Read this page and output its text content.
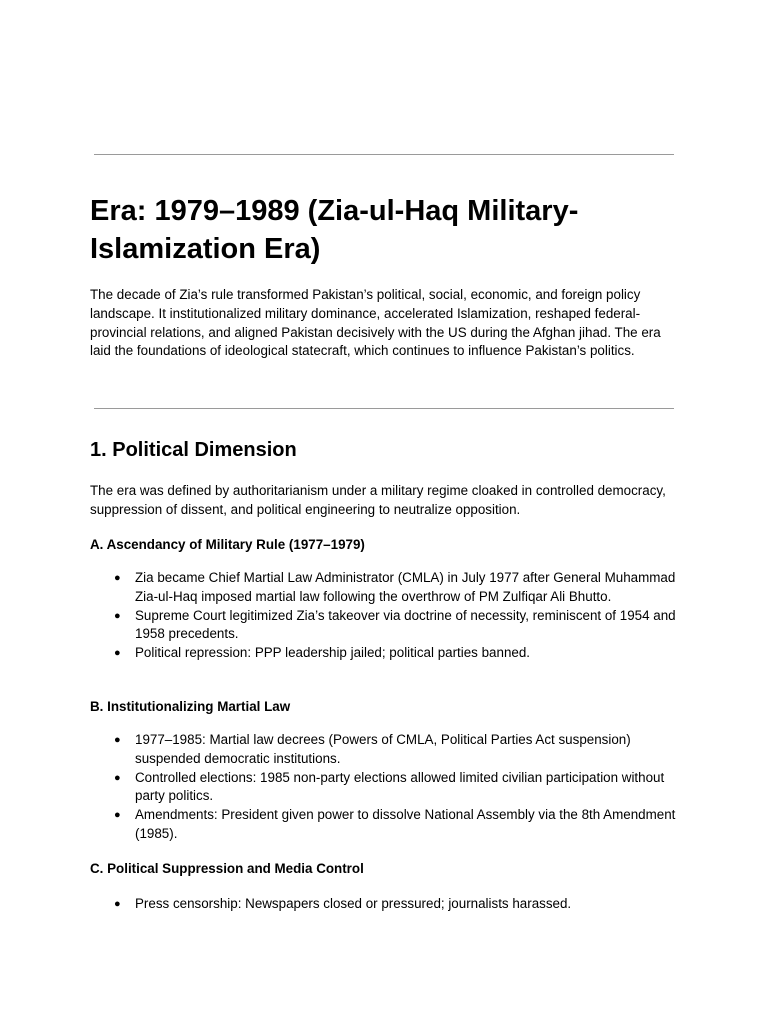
Era: 1979–1989 (Zia-ul-Haq Military-Islamization Era)

The decade of Zia’s rule transformed Pakistan’s political, social, economic, and foreign policy landscape. It institutionalized military dominance, accelerated Islamization, reshaped federal-provincial relations, and aligned Pakistan decisively with the US during the Afghan jihad. The era laid the foundations of ideological statecraft, which continues to influence Pakistan’s politics.

1. Political Dimension

The era was defined by authoritarianism under a military regime cloaked in controlled democracy, suppression of dissent, and political engineering to neutralize opposition.

A. Ascendancy of Military Rule (1977–1979)
● Zia became Chief Martial Law Administrator (CMLA) in July 1977 after General Muhammad Zia-ul-Haq imposed martial law following the overthrow of PM Zulfiqar Ali Bhutto.
● Supreme Court legitimized Zia’s takeover via doctrine of necessity, reminiscent of 1954 and 1958 precedents.
● Political repression: PPP leadership jailed; political parties banned.
B. Institutionalizing Martial Law
● 1977–1985: Martial law decrees (Powers of CMLA, Political Parties Act suspension) suspended democratic institutions.
● Controlled elections: 1985 non-party elections allowed limited civilian participation without party politics.
● Amendments: President given power to dissolve National Assembly via the 8th Amendment (1985).
C. Political Suppression and Media Control
● Press censorship: Newspapers closed or pressured; journalists harassed.
